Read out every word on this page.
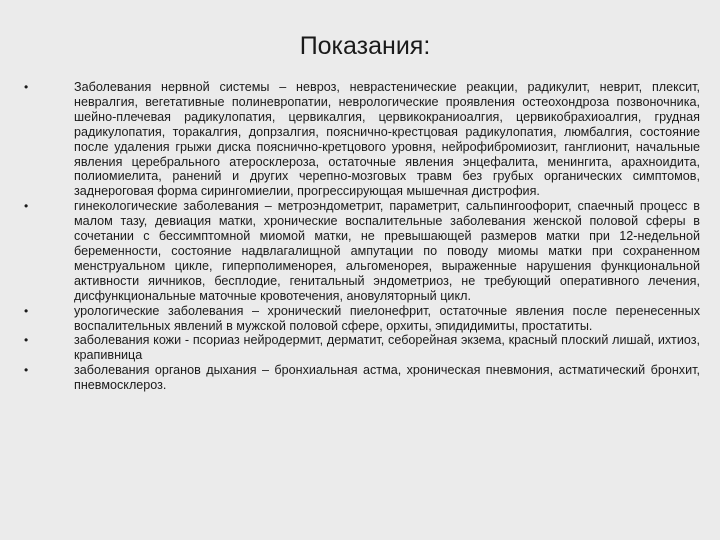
Показания:
•	Заболевания нервной системы – невроз, неврастенические реакции, радикулит, неврит, плексит, невралгия, вегетативные полиневропатии, неврологические проявления остеохондроза позвоночника, шейно-плечевая радикулопатия, цервикалгия, цервикокраниоалгия, цервикобрахиоалгия, грудная радикулопатия, торакалгия, допрзалгия, пояснично-крестцовая радикулопатия, люмбалгия, состояние после удаления грыжи диска пояснично-кретцового уровня, нейрофибромиозит, ганглионит, начальные явления церебрального атеросклероза, остаточные явления энцефалита, менингита, арахноидита, полиомиелита, ранений и других черепно-мозговых травм без грубых органических симптомов, заднероговая форма сирингомиелии, прогрессирующая мышечная дистрофия.
•	гинекологические заболевания – метроэндометрит, параметрит, сальпингоофорит, спаечный процесс в малом тазу, девиация матки, хронические воспалительные заболевания женской половой сферы в сочетании с бессимптомной миомой матки, не превышающей размеров матки при 12-недельной беременности, состояние надвлагалищной ампутации по поводу миомы матки при сохраненном менструальном цикле, гиперполименорея, альгоменорея, выраженные нарушения функциональной активности яичников, бесплодие, генитальный эндометриоз, не требующий оперативного лечения, дисфункциональные маточные кровотечения, ановуляторный цикл.
•	урологические заболевания – хронический пиелонефрит, остаточные явления после перенесенных воспалительных явлений в мужской половой сфере, орхиты, эпидидимиты, простатиты.
•	заболевания кожи - псориаз нейродермит, дерматит, себорейная экзема, красный плоский лишай, ихтиоз, крапивница
•	заболевания органов дыхания – бронхиальная астма, хроническая пневмония, астматический бронхит, пневмосклероз.
